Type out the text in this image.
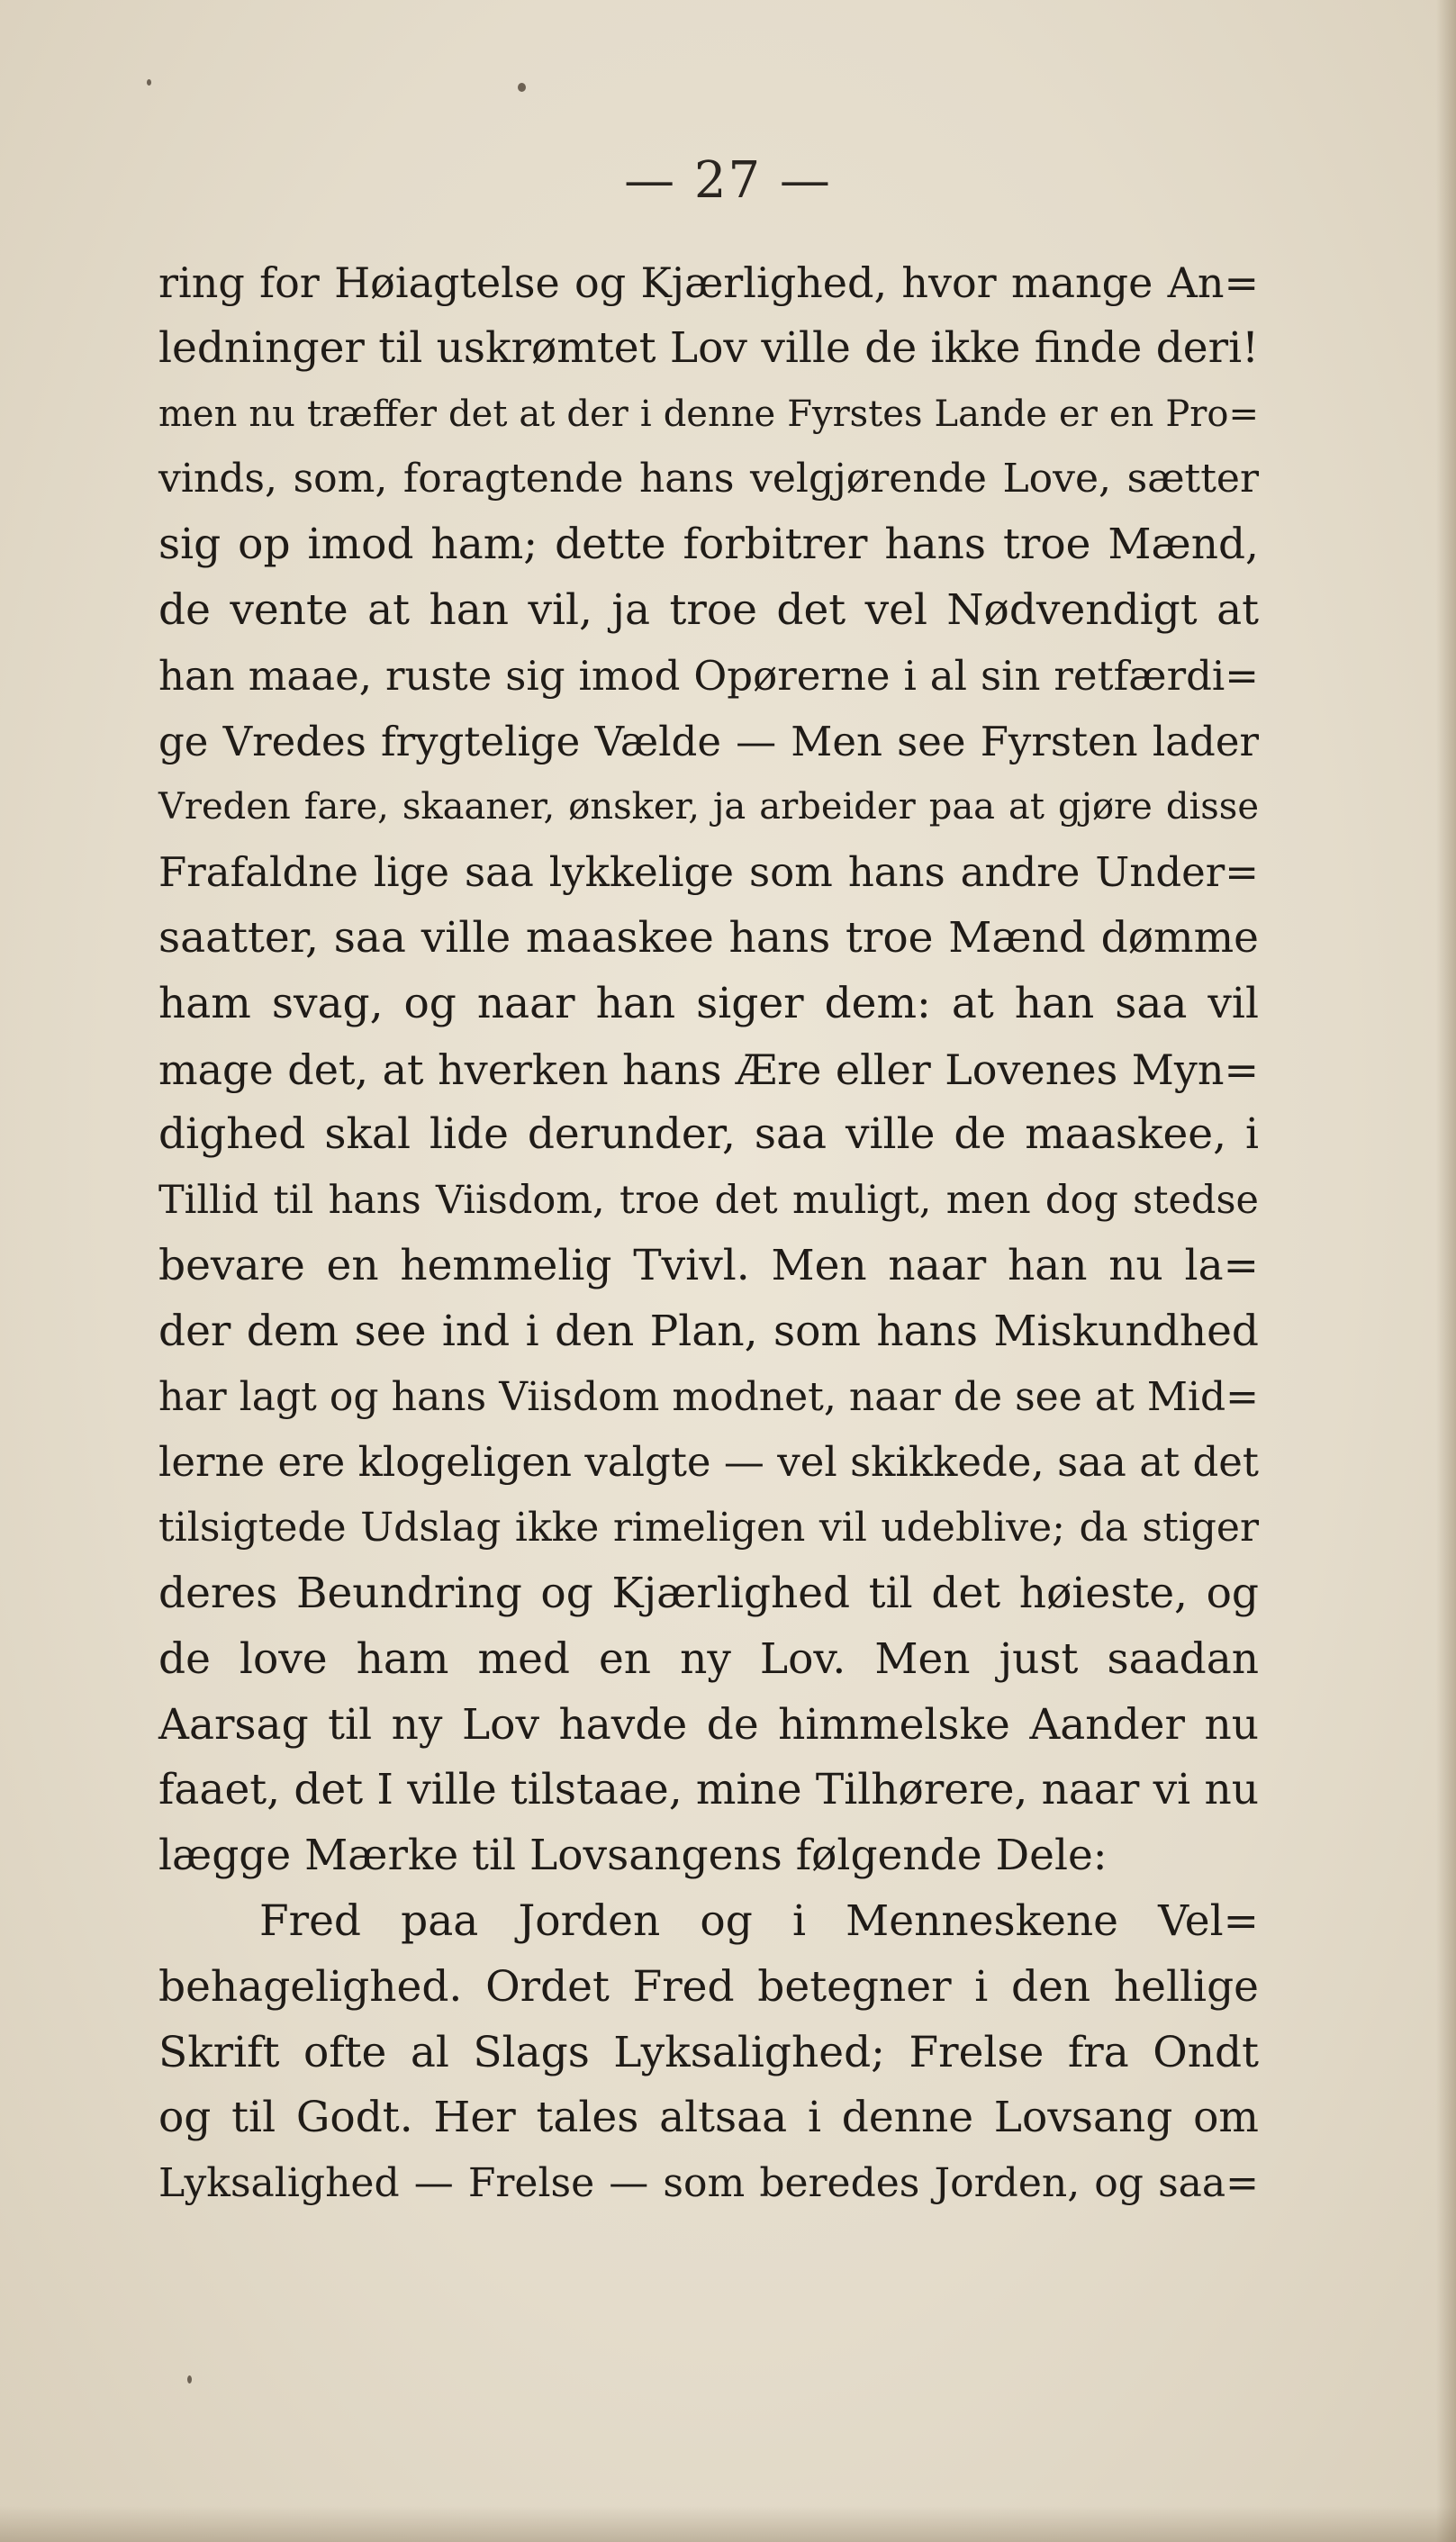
— 27 —
ring for Høiagtelse og Kjærlighed, hvor mange An=
ledninger til uskrømtet Lov ville de ikke finde deri!
men nu træffer det at der i denne Fyrstes Lande er en Pro=
vinds, som, foragtende hans velgjørende Love, sætter
sig op imod ham; dette forbitrer hans troe Mænd,
de vente at han vil, ja troe det vel Nødvendigt at
han maae, ruste sig imod Opørerne i al sin retfærdi=
ge Vredes frygtelige Vælde — Men see Fyrsten lader
Vreden fare, skaaner, ønsker, ja arbeider paa at gjøre disse
Frafaldne lige saa lykkelige som hans andre Under=
saatter, saa ville maaskee hans troe Mænd dømme
ham svag, og naar han siger dem: at han saa vil
mage det, at hverken hans Ære eller Lovenes Myn=
dighed skal lide derunder, saa ville de maaskee, i
Tillid til hans Viisdom, troe det muligt, men dog stedse
bevare en hemmelig Tvivl. Men naar han nu la=
der dem see ind i den Plan, som hans Miskundhed
har lagt og hans Viisdom modnet, naar de see at Mid=
lerne ere klogeligen valgte — vel skikkede, saa at det
tilsigtede Udslag ikke rimeligen vil udeblive; da stiger
deres Beundring og Kjærlighed til det høieste, og
de love ham med en ny Lov. Men just saadan
Aarsag til ny Lov havde de himmelske Aander nu
faaet, det I ville tilstaae, mine Tilhørere, naar vi nu
lægge Mærke til Lovsangens følgende Dele:
Fred paa Jorden og i Menneskene Vel=
behagelighed. Ordet Fred betegner i den hellige
Skrift ofte al Slags Lyksalighed; Frelse fra Ondt
og til Godt. Her tales altsaa i denne Lovsang om
Lyksalighed — Frelse — som beredes Jorden, og saa=
